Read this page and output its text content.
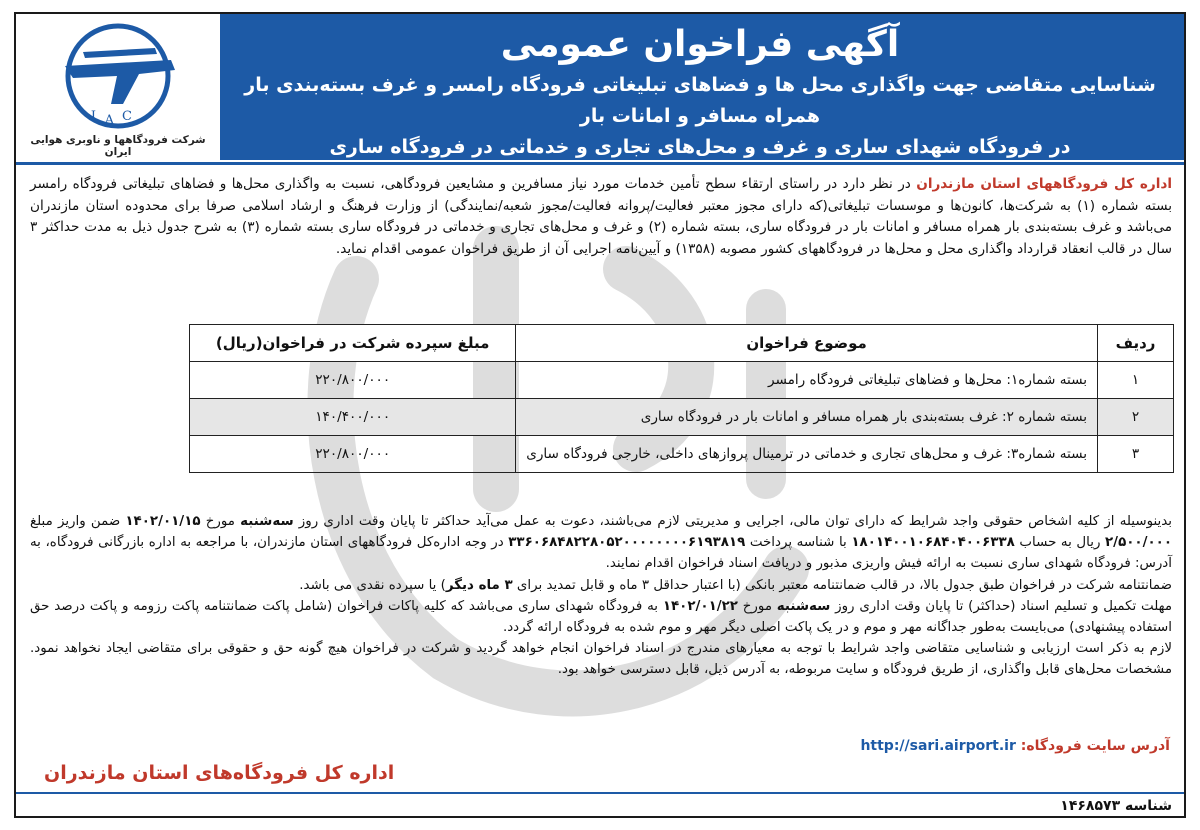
آگهی فراخوان عمومی
شناسایی متقاضی جهت واگذاری محل ها و فضاهای تبلیغاتی فرودگاه رامسر و غرف بسته‌بندی بار همراه مسافر و امانات بار
در فرودگاه شهدای ساری و غرف و محل‌های تجاری و خدماتی در فرودگاه ساری
I A C
شرکت فرودگاهها و ناوبری هوایی ایران
اداره کل فرودگاههای استان مازندران در نظر دارد در راستای ارتقاء سطح تأمین خدمات مورد نیاز مسافرین و مشایعین فرودگاهی، نسبت به واگذاری محل‌ها و فضاهای تبلیغاتی فرودگاه رامسر بسته شماره (۱) به شرکت‌ها، کانون‌ها و موسسات تبلیغاتی(که دارای مجوز معتبر فعالیت/پروانه فعالیت/مجوز شعبه/نمایندگی) از وزارت فرهنگ و ارشاد اسلامی صرفا برای محدوده استان مازندران می‌باشد و غرف بسته‌بندی بار همراه مسافر و امانات بار در فرودگاه ساری، بسته شماره (۲) و غرف و محل‌های تجاری و خدماتی در فرودگاه ساری بسته شماره (۳) به شرح جدول ذیل به مدت حداکثر ۳ سال در قالب انعقاد قرارداد واگذاری محل و محل‌ها در فرودگاههای کشور مصوبه (۱۳۵۸) و آیین‌نامه اجرایی آن از طریق فراخوان عمومی اقدام نماید.
ردیف	موضوع فراخوان	مبلغ سپرده شرکت در فراخوان(ریال)
۱	بسته شماره۱: محل‌ها و فضاهای تبلیغاتی فرودگاه رامسر	۲۲۰/۸۰۰/۰۰۰
۲	بسته شماره ۲: غرف بسته‌بندی بار همراه مسافر و امانات بار در فرودگاه ساری	۱۴۰/۴۰۰/۰۰۰
۳	بسته شماره۳: غرف و محل‌های تجاری و خدماتی در ترمینال پروازهای داخلی، خارجی فرودگاه ساری	۲۲۰/۸۰۰/۰۰۰
بدینوسیله از کلیه اشخاص حقوقی واجد شرایط که دارای توان مالی، اجرایی و مدیریتی لازم می‌باشند، دعوت به عمل می‌آید حداکثر تا پایان وقت اداری روز سه‌شنبه مورخ ۱۴۰۲/۰۱/۱۵ ضمن واریز مبلغ ۲/۵۰۰/۰۰۰ ریال به حساب ۱۸۰۱۴۰۰۱۰۶۸۴۰۴۰۰۶۳۳۸ با شناسه پرداخت ۳۳۶۰۶۸۴۸۲۲۸۰۵۲۰۰۰۰۰۰۰۰۶۱۹۳۸۱۹ در وجه اداره‌کل فرودگاههای استان مازندران، با مراجعه به اداره بازرگانی فرودگاه، به آدرس: فرودگاه شهدای ساری نسبت به ارائه فیش واریزی مذبور و دریافت اسناد فراخوان اقدام نمایند.
ضمانتنامه شرکت در فراخوان طبق جدول بالا، در قالب ضمانتنامه معتبر بانکی (با اعتبار حداقل ۳ ماه و قابل تمدید برای ۳ ماه دیگر) یا سپرده نقدی می باشد.
مهلت تکمیل و تسلیم اسناد (حداکثر) تا پایان وقت اداری روز سه‌شنبه مورخ ۱۴۰۲/۰۱/۲۲ به فرودگاه شهدای ساری می‌باشد که کلیه پاکات فراخوان (شامل پاکت ضمانتنامه پاکت رزومه و پاکت درصد حق استفاده پیشنهادی) می‌بایست به‌طور جداگانه مهر و موم و در یک پاکت اصلی دیگر مهر و موم شده به فرودگاه ارائه گردد.
لازم به ذکر است ارزیابی و شناسایی متقاضی واجد شرایط با توجه به معیارهای مندرج در اسناد فراخوان انجام خواهد گردید و شرکت در فراخوان هیچ گونه حق و حقوقی برای متقاضی ایجاد نخواهد نمود. مشخصات محل‌های قابل واگذاری، از طریق فرودگاه و سایت مربوطه، به آدرس ذیل، قابل دسترسی خواهد بود.
آدرس سایت فرودگاه: http://sari.airport.ir
اداره کل فرودگاه‌های استان مازندران
شناسه ۱۴۶۸۵۷۳
